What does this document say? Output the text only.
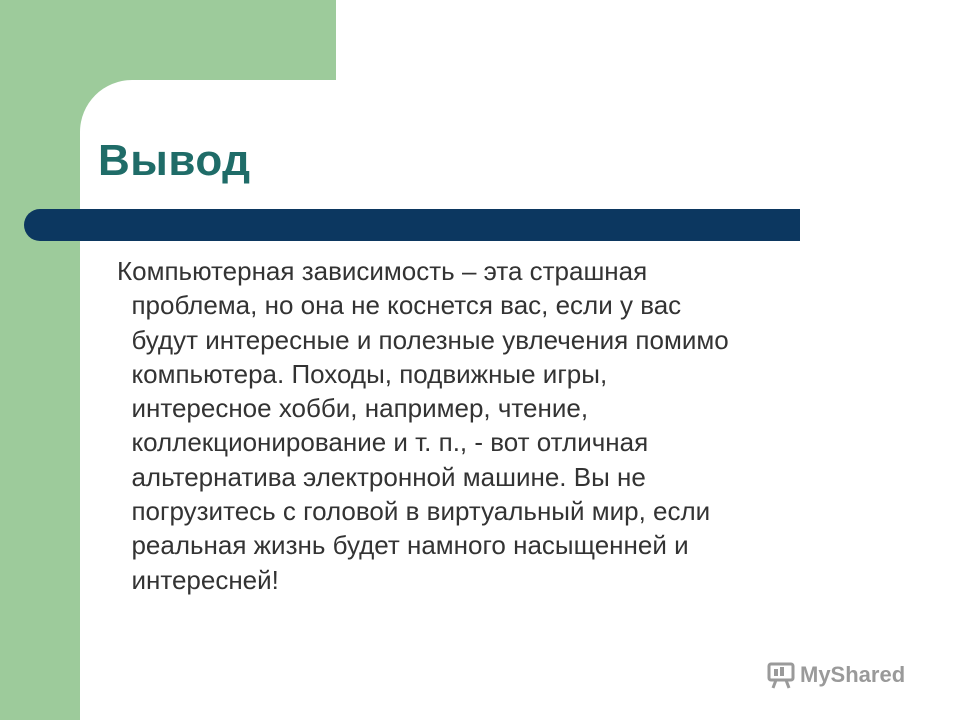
Вывод
Компьютерная зависимость – эта страшная
проблема, но она не коснется вас, если у вас
будут интересные и полезные увлечения помимо
компьютера. Походы, подвижные игры,
интересное хобби, например, чтение,
коллекционирование и т. п., - вот отличная
альтернатива электронной машине. Вы не
погрузитесь с головой в виртуальный мир, если
реальная жизнь будет намного насыщенней и
интересней!
MyShared
